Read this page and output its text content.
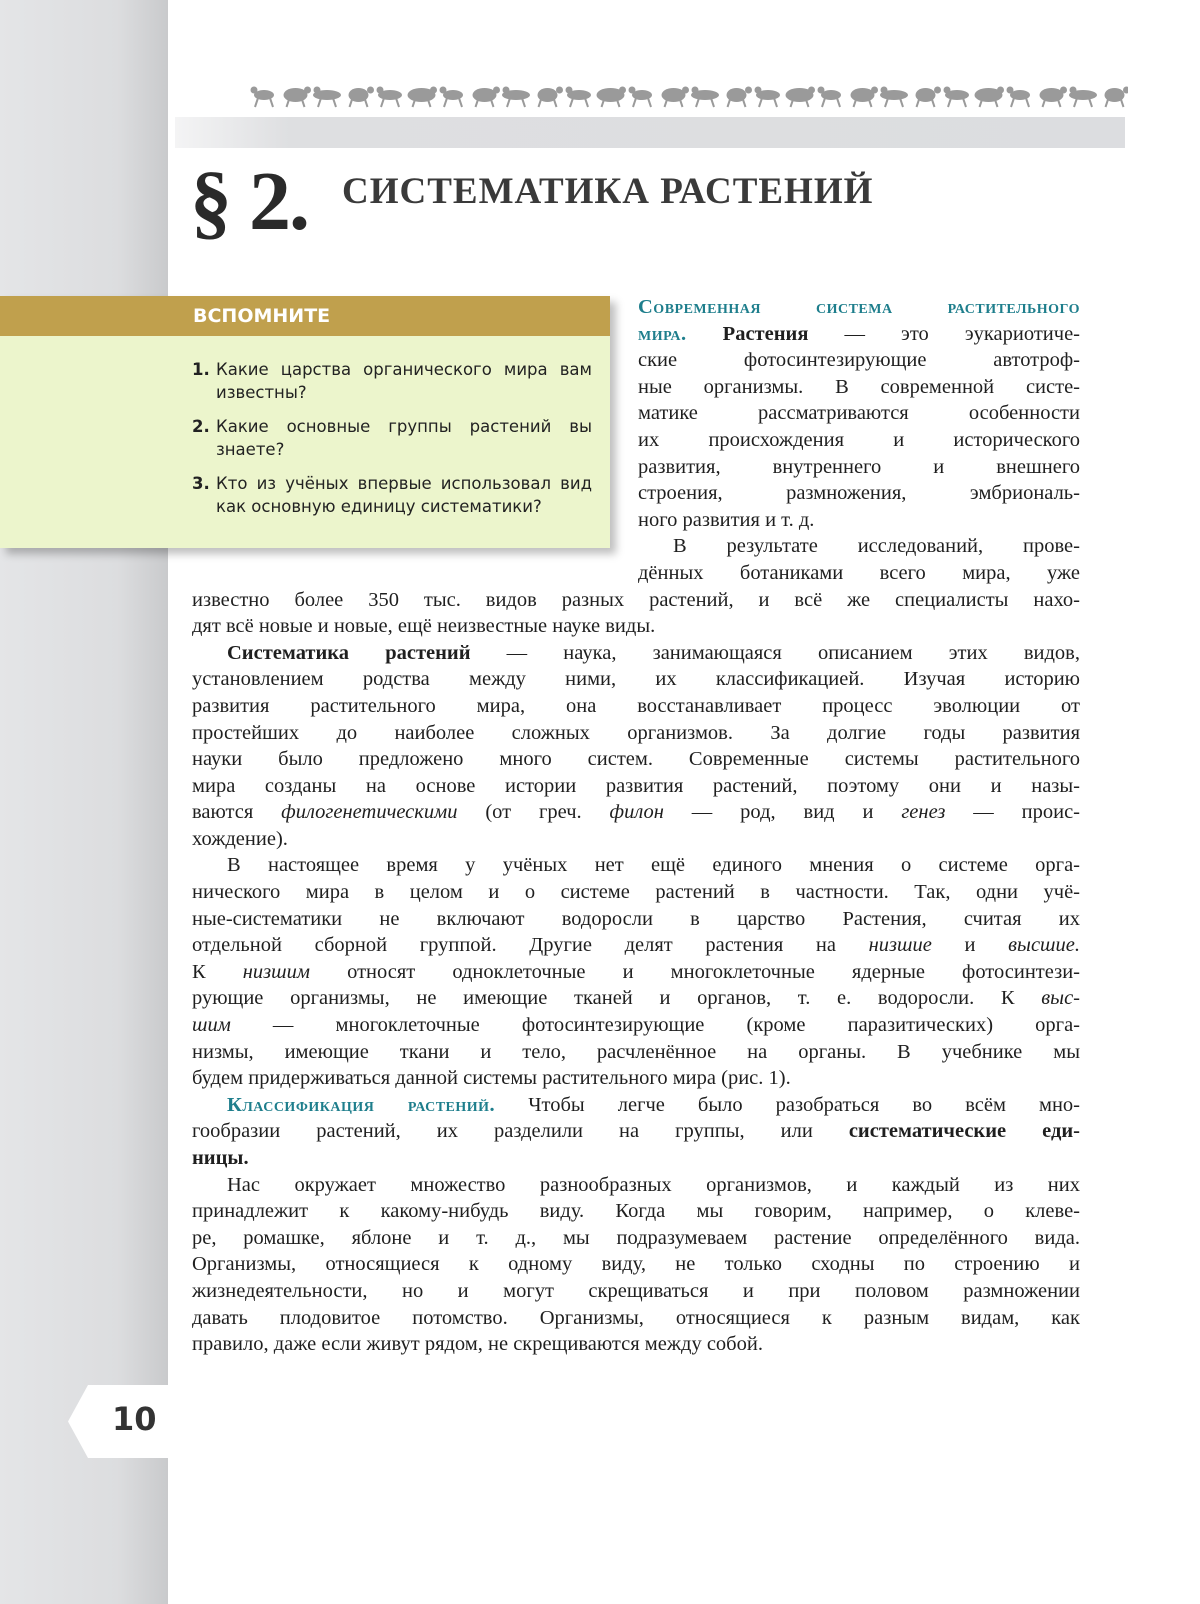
§ 2. СИСТЕМАТИКА РАСТЕНИЙ
ВСПОМНИТЕ
1. Какие царства органического мира вам известны?
2. Какие основные группы растений вы знаете?
3. Кто из учёных впервые использовал вид как основную единицу систематики?
Современная система растительного
мира. Растения — это эукариотиче-
ские фотосинтезирующие автотроф-
ные организмы. В современной систе-
матике рассматриваются особенности
их происхождения и исторического
развития, внутреннего и внешнего
строения, размножения, эмбриональ-
ного развития и т. д.
В результате исследований, прове-
дённых ботаниками всего мира, уже
известно более 350 тыс. видов разных растений, и всё же специалисты нахо-
дят всё новые и новые, ещё неизвестные науке виды.
Систематика растений — наука, занимающаяся описанием этих видов,
установлением родства между ними, их классификацией. Изучая историю
развития растительного мира, она восстанавливает процесс эволюции от
простейших до наиболее сложных организмов. За долгие годы развития
науки было предложено много систем. Современные системы растительного
мира созданы на основе истории развития растений, поэтому они и назы-
ваются филогенетическими (от греч. филон — род, вид и генез — проис-
хождение).
В настоящее время у учёных нет ещё единого мнения о системе орга-
нического мира в целом и о системе растений в частности. Так, одни учё-
ные-систематики не включают водоросли в царство Растения, считая их
отдельной сборной группой. Другие делят растения на низшие и высшие.
К низшим относят одноклеточные и многоклеточные ядерные фотосинтези-
рующие организмы, не имеющие тканей и органов, т. е. водоросли. К выс-
шим — многоклеточные фотосинтезирующие (кроме паразитических) орга-
низмы, имеющие ткани и тело, расчленённое на органы. В учебнике мы
будем придерживаться данной системы растительного мира (рис. 1).
Классификация растений. Чтобы легче было разобраться во всём мно-
гообразии растений, их разделили на группы, или систематические еди-
ницы.
Нас окружает множество разнообразных организмов, и каждый из них
принадлежит к какому-нибудь виду. Когда мы говорим, например, о клеве-
ре, ромашке, яблоне и т. д., мы подразумеваем растение определённого вида.
Организмы, относящиеся к одному виду, не только сходны по строению и
жизнедеятельности, но и могут скрещиваться и при половом размножении
давать плодовитое потомство. Организмы, относящиеся к разным видам, как
правило, даже если живут рядом, не скрещиваются между собой.
10
